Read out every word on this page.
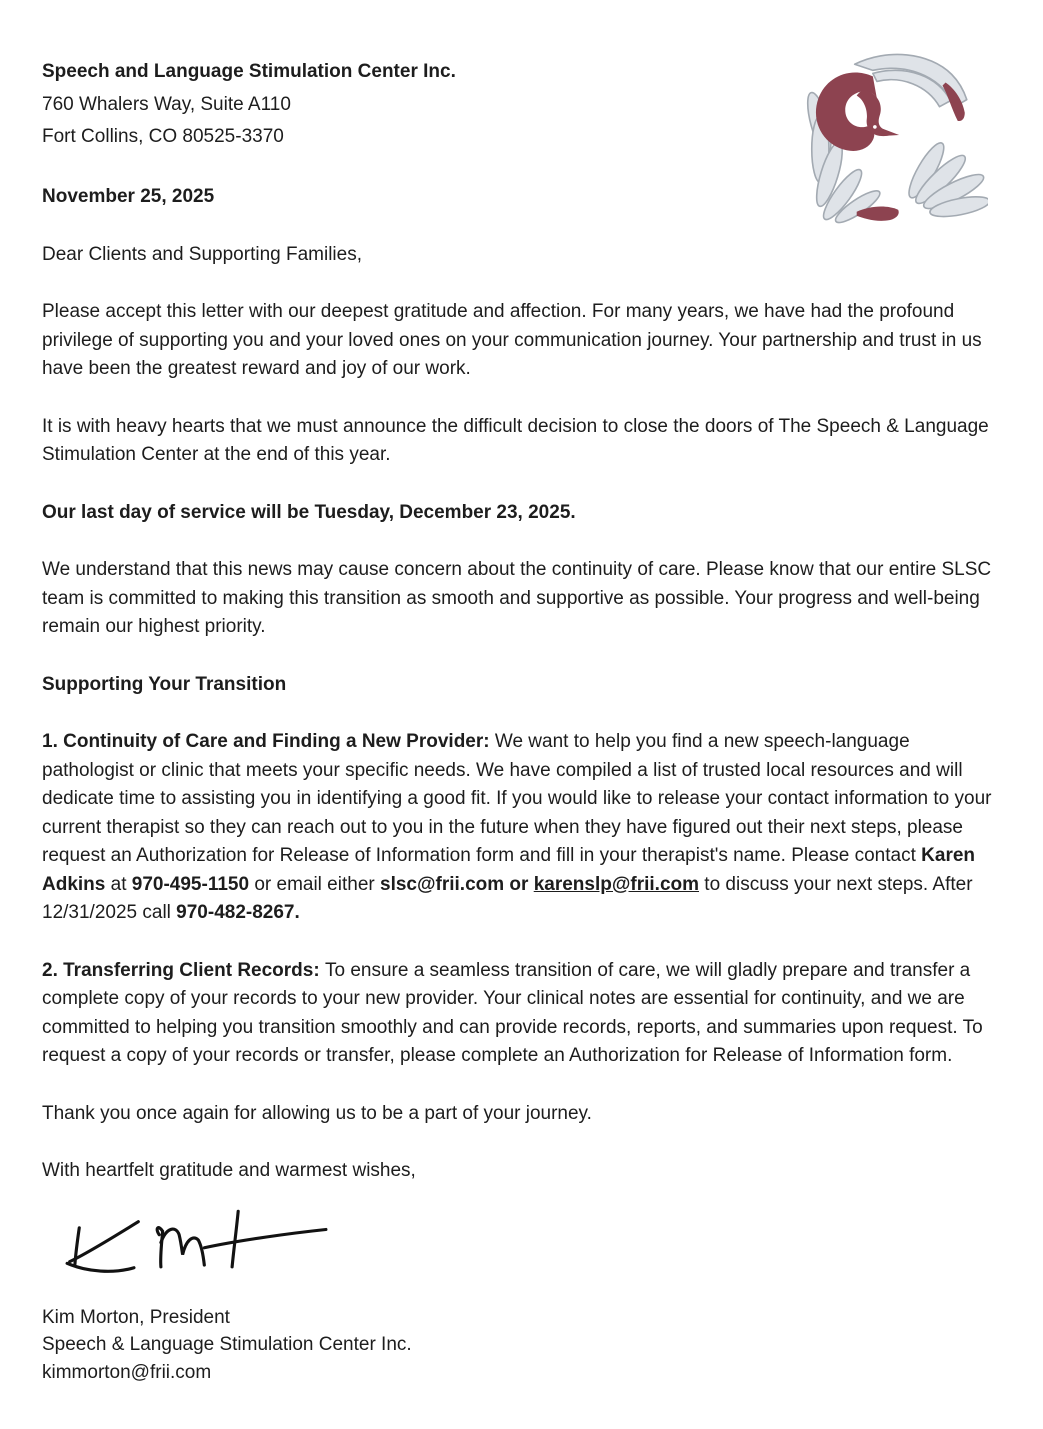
Speech and Language Stimulation Center Inc.
760 Whalers Way, Suite A110
Fort Collins, CO 80525-3370
November 25, 2025
Dear Clients and Supporting Families,
Please accept this letter with our deepest gratitude and affection. For many years, we have had the profound privilege of supporting you and your loved ones on your communication journey. Your partnership and trust in us have been the greatest reward and joy of our work.
It is with heavy hearts that we must announce the difficult decision to close the doors of The Speech & Language Stimulation Center at the end of this year.
Our last day of service will be Tuesday, December 23, 2025.
We understand that this news may cause concern about the continuity of care. Please know that our entire SLSC team is committed to making this transition as smooth and supportive as possible. Your progress and well-being remain our highest priority.
Supporting Your Transition
1. Continuity of Care and Finding a New Provider: We want to help you find a new speech-language pathologist or clinic that meets your specific needs. We have compiled a list of trusted local resources and will dedicate time to assisting you in identifying a good fit. If you would like to release your contact information to your current therapist so they can reach out to you in the future when they have figured out their next steps, please request an Authorization for Release of Information form and fill in your therapist's name. Please contact Karen Adkins at 970-495-1150 or email either slsc@frii.com or karenslp@frii.com to discuss your next steps. After 12/31/2025 call 970-482-8267.
2. Transferring Client Records: To ensure a seamless transition of care, we will gladly prepare and transfer a complete copy of your records to your new provider. Your clinical notes are essential for continuity, and we are committed to helping you transition smoothly and can provide records, reports, and summaries upon request. To request a copy of your records or transfer, please complete an Authorization for Release of Information form.
Thank you once again for allowing us to be a part of your journey.
With heartfelt gratitude and warmest wishes,
Kim Morton, President
Speech & Language Stimulation Center Inc.
kimmorton@frii.com
